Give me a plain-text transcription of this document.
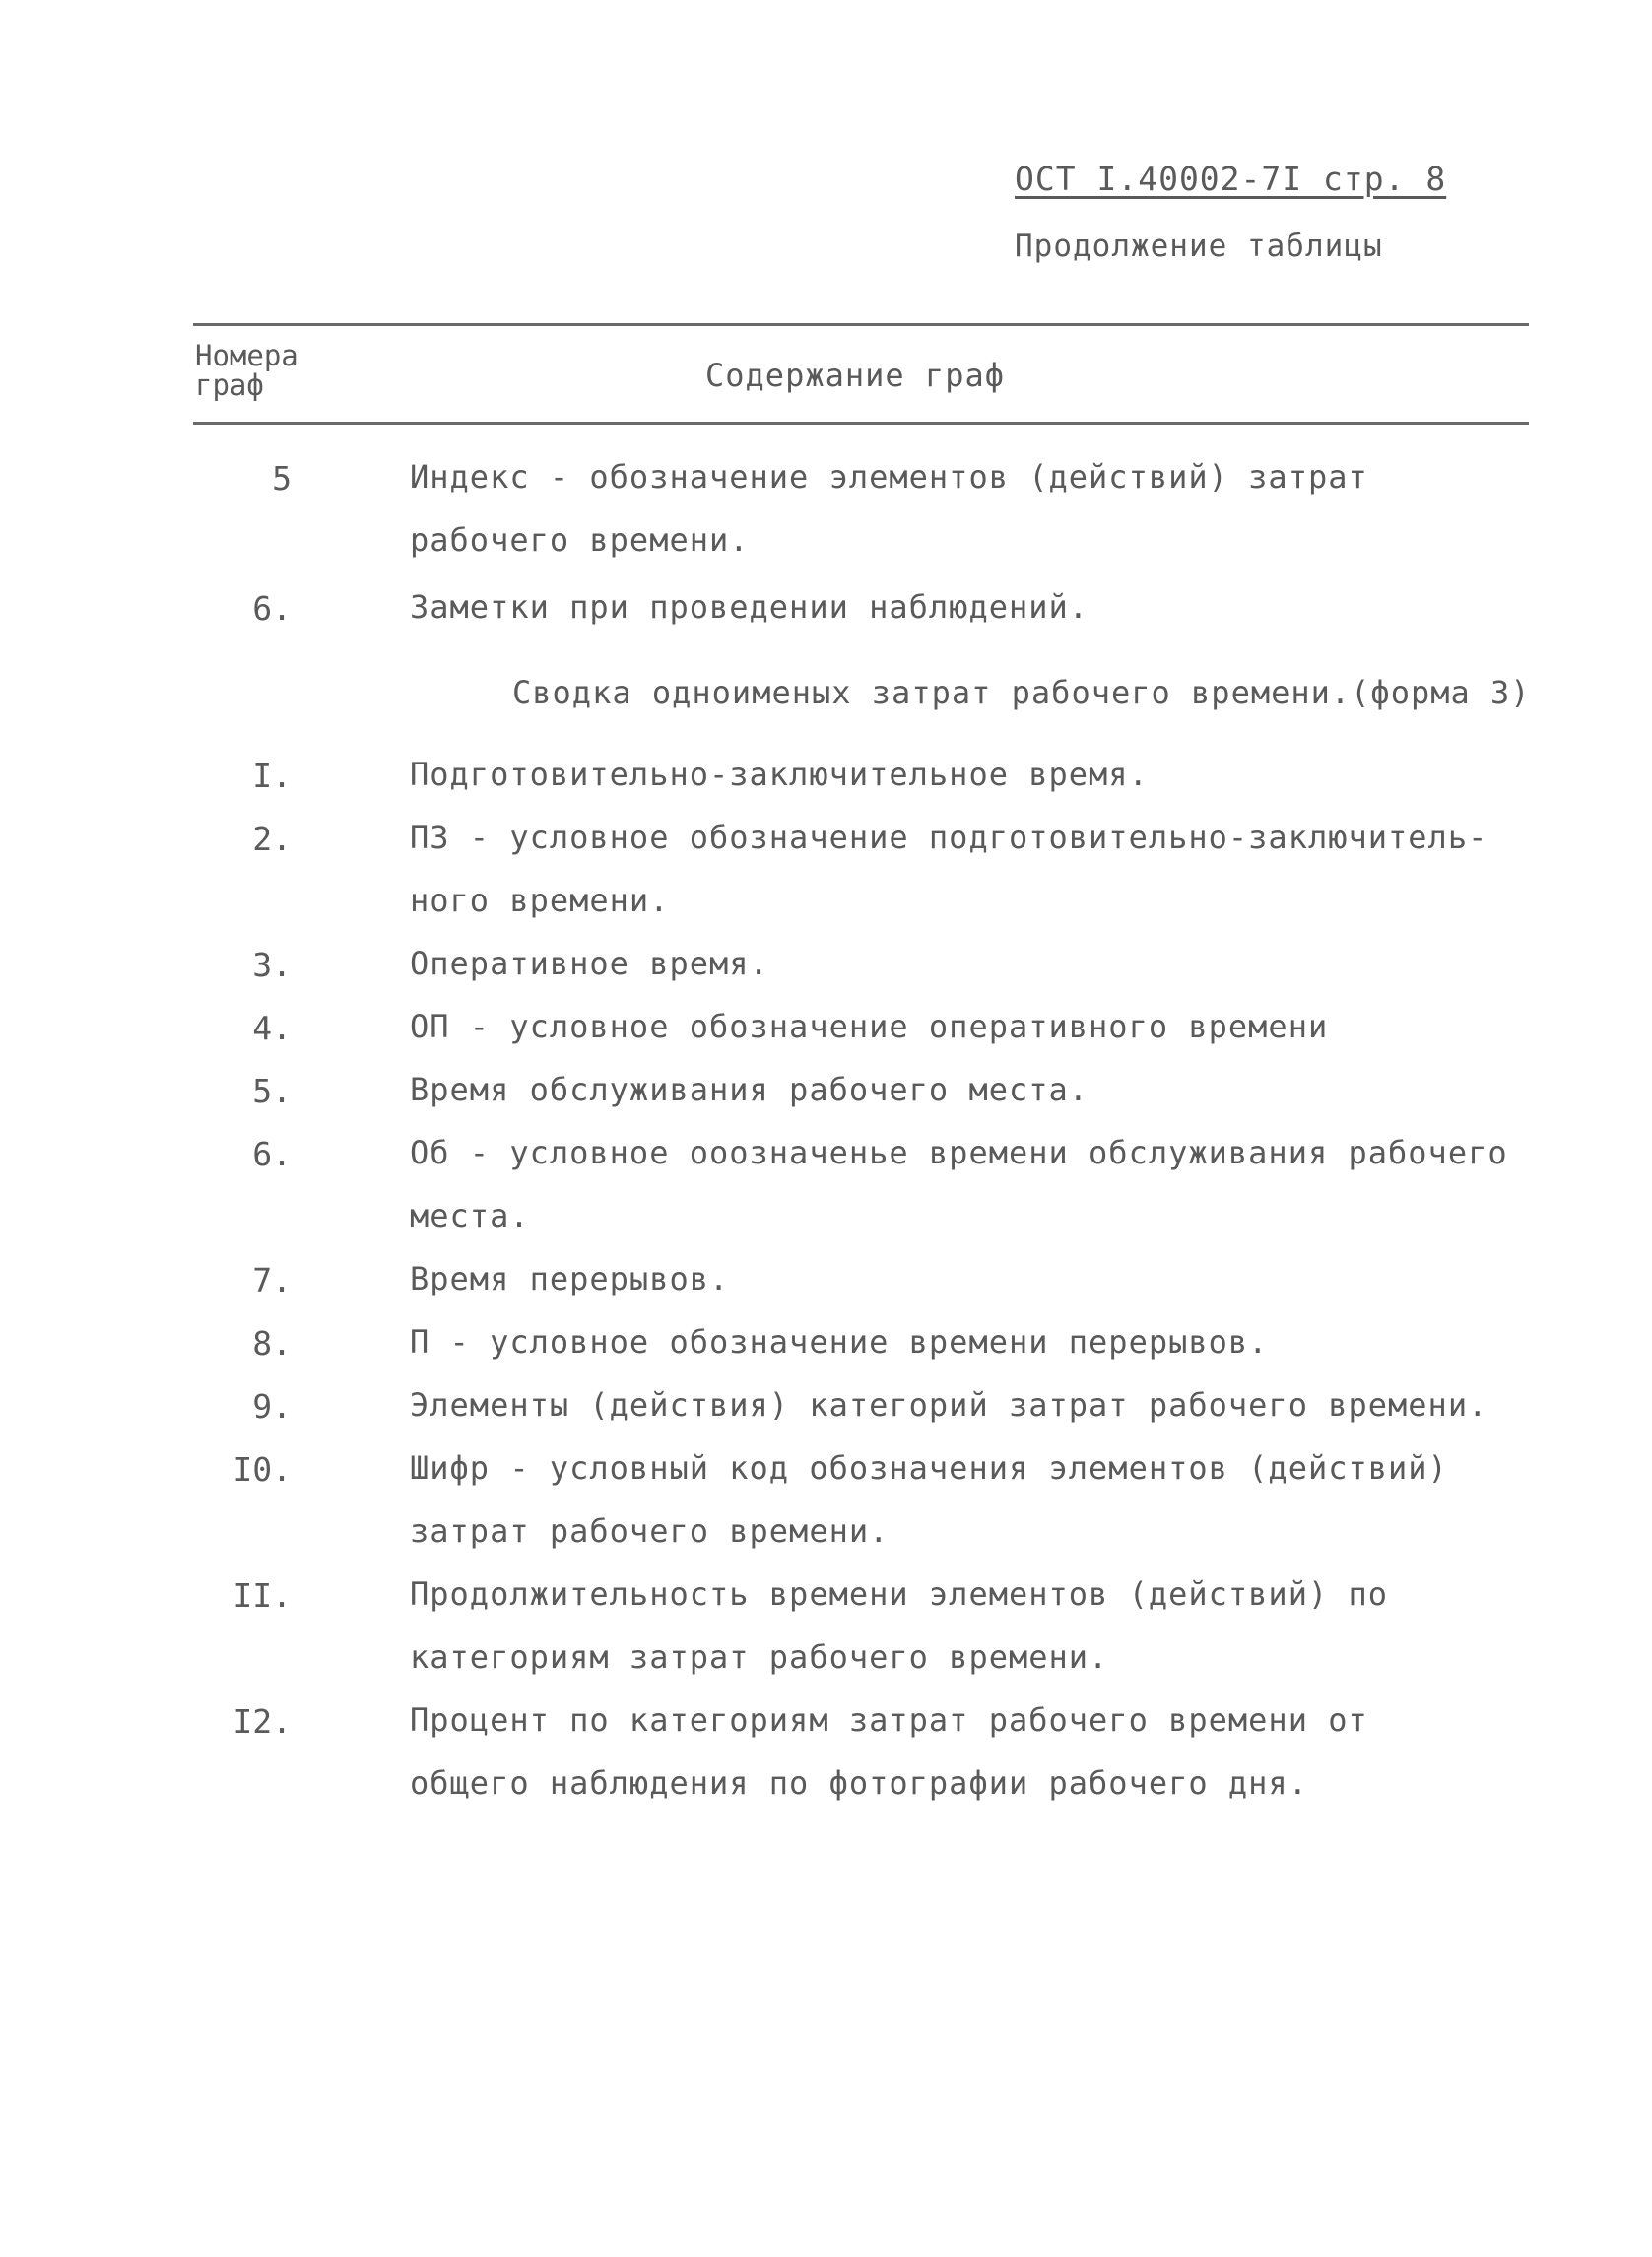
ОСТ I.40002-7I стр. 8
Продолжение таблицы
Номера
граф	Содержание граф
5	Индекс - обозначение элементов (действий) затрат
рабочего времени.
6.	Заметки при проведении наблюдений.
Сводка одноименых затрат рабочего времени.(форма 3)
I.	Подготовительно-заключительное время.
2.	ПЗ - условное обозначение подготовительно-заключитель-
ного времени.
3.	Оперативное время.
4.	ОП - условное обозначение оперативного времени
5.	Время обслуживания рабочего места.
6.	Об - условное ооозначенье времени обслуживания рабочего
места.
7.	Время перерывов.
8.	П - условное обозначение времени перерывов.
9.	Элементы (действия) категорий затрат рабочего времени.
I0.	Шифр - условный код обозначения элементов (действий)
затрат рабочего времени.
II.	Продолжительность времени элементов (действий) по
категориям затрат рабочего времени.
I2.	Процент по категориям затрат рабочего времени от
общего наблюдения по фотографии рабочего дня.
